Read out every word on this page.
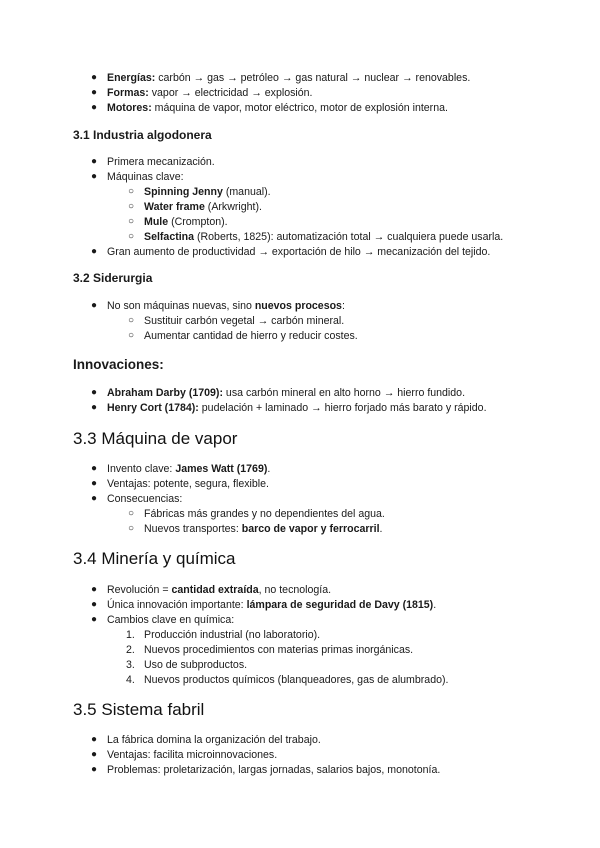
● Energías: carbón → gas → petróleo → gas natural → nuclear → renovables.
● Formas: vapor → electricidad → explosión.
● Motores: máquina de vapor, motor eléctrico, motor de explosión interna.
3.1 Industria algodonera
● Primera mecanización.
● Máquinas clave:
○ Spinning Jenny (manual).
○ Water frame (Arkwright).
○ Mule (Crompton).
○ Selfactina (Roberts, 1825): automatización total → cualquiera puede usarla.
● Gran aumento de productividad → exportación de hilo → mecanización del tejido.
3.2 Siderurgia
● No son máquinas nuevas, sino nuevos procesos:
○ Sustituir carbón vegetal → carbón mineral.
○ Aumentar cantidad de hierro y reducir costes.
Innovaciones:
● Abraham Darby (1709): usa carbón mineral en alto horno → hierro fundido.
● Henry Cort (1784): pudelación + laminado → hierro forjado más barato y rápido.
3.3 Máquina de vapor
● Invento clave: James Watt (1769).
● Ventajas: potente, segura, flexible.
● Consecuencias:
○ Fábricas más grandes y no dependientes del agua.
○ Nuevos transportes: barco de vapor y ferrocarril.
3.4 Minería y química
● Revolución = cantidad extraída, no tecnología.
● Única innovación importante: lámpara de seguridad de Davy (1815).
● Cambios clave en química:
1. Producción industrial (no laboratorio).
2. Nuevos procedimientos con materias primas inorgánicas.
3. Uso de subproductos.
4. Nuevos productos químicos (blanqueadores, gas de alumbrado).
3.5 Sistema fabril
● La fábrica domina la organización del trabajo.
● Ventajas: facilita microinnovaciones.
● Problemas: proletarización, largas jornadas, salarios bajos, monotonía.
